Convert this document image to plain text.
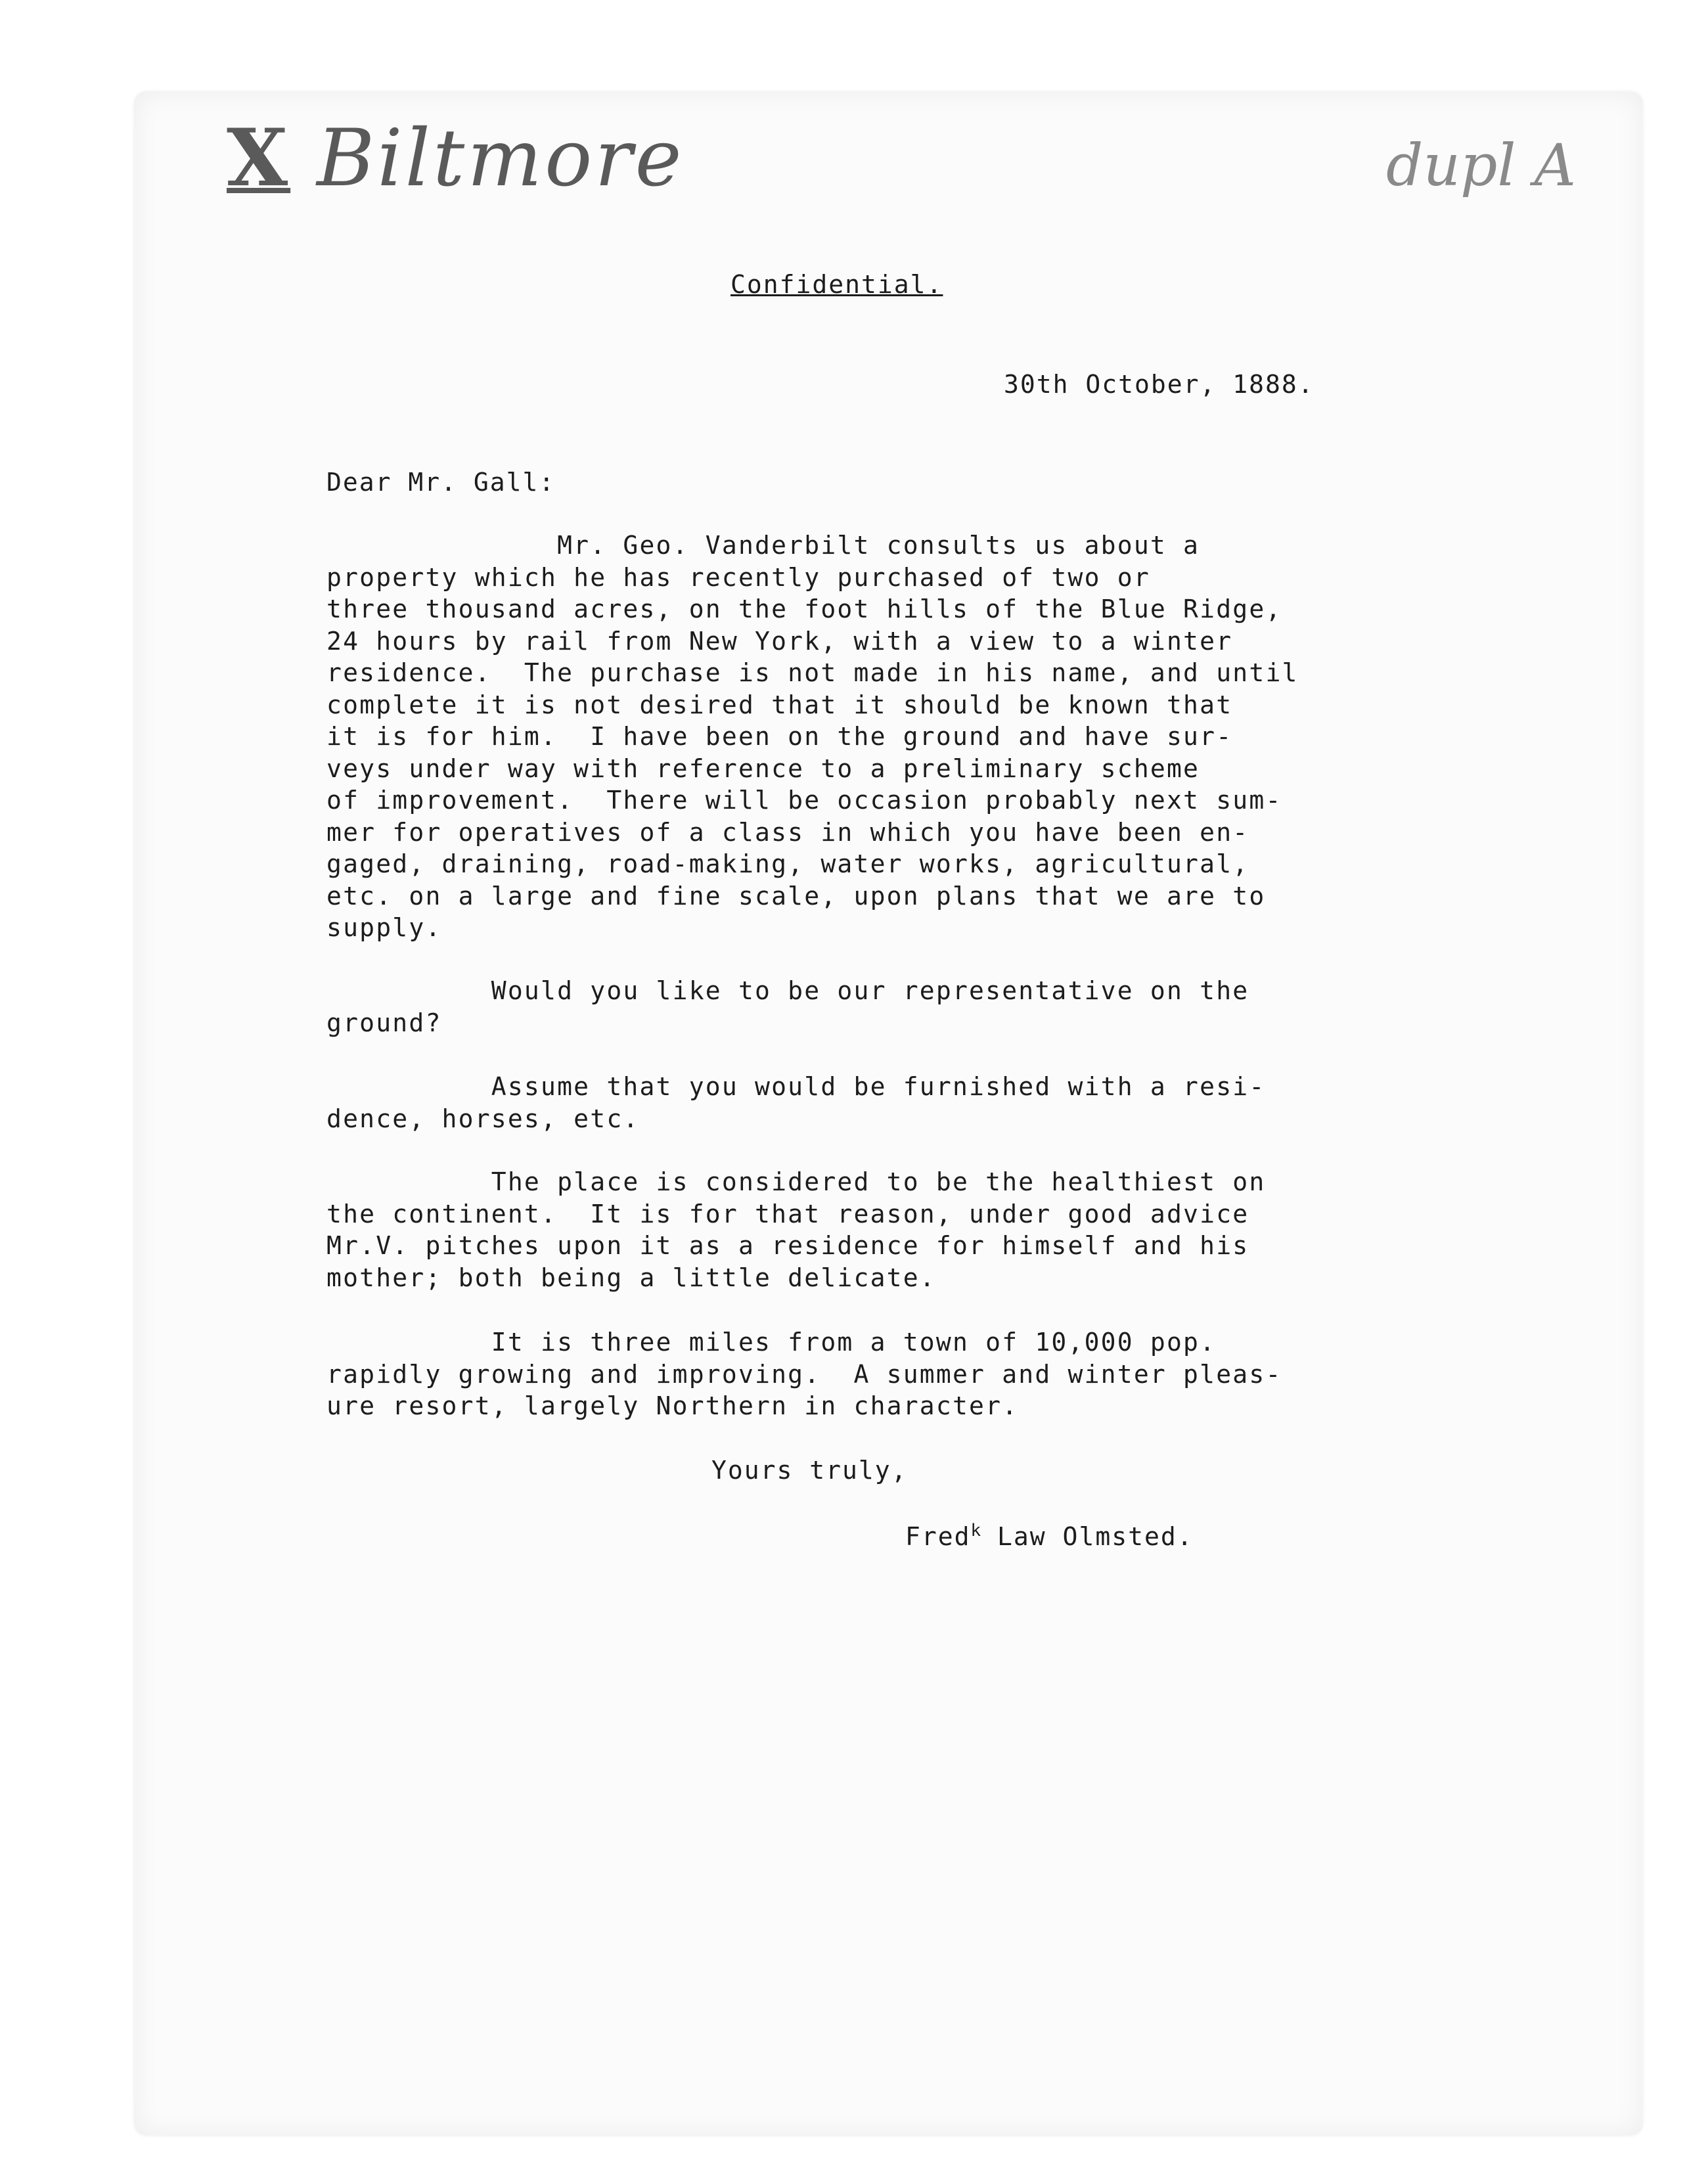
X Biltmore	dupl A
Confidential.
30th October, 1888.
Dear Mr. Gall:
Mr. Geo. Vanderbilt consults us about a
property which he has recently purchased of two or
three thousand acres, on the foot hills of the Blue Ridge,
24 hours by rail from New York, with a view to a winter
residence.  The purchase is not made in his name, and until
complete it is not desired that it should be known that
it is for him.  I have been on the ground and have sur-
veys under way with reference to a preliminary scheme
of improvement.  There will be occasion probably next sum-
mer for operatives of a class in which you have been en-
gaged, draining, road-making, water works, agricultural,
etc. on a large and fine scale, upon plans that we are to
supply.
Would you like to be our representative on the
ground?
Assume that you would be furnished with a resi-
dence, horses, etc.
The place is considered to be the healthiest on
the continent.  It is for that reason, under good advice
Mr.V. pitches upon it as a residence for himself and his
mother; both being a little delicate.
It is three miles from a town of 10,000 pop.
rapidly growing and improving.  A summer and winter pleas-
ure resort, largely Northern in character.
Yours truly,
Fred$^k$ Law Olmsted.
